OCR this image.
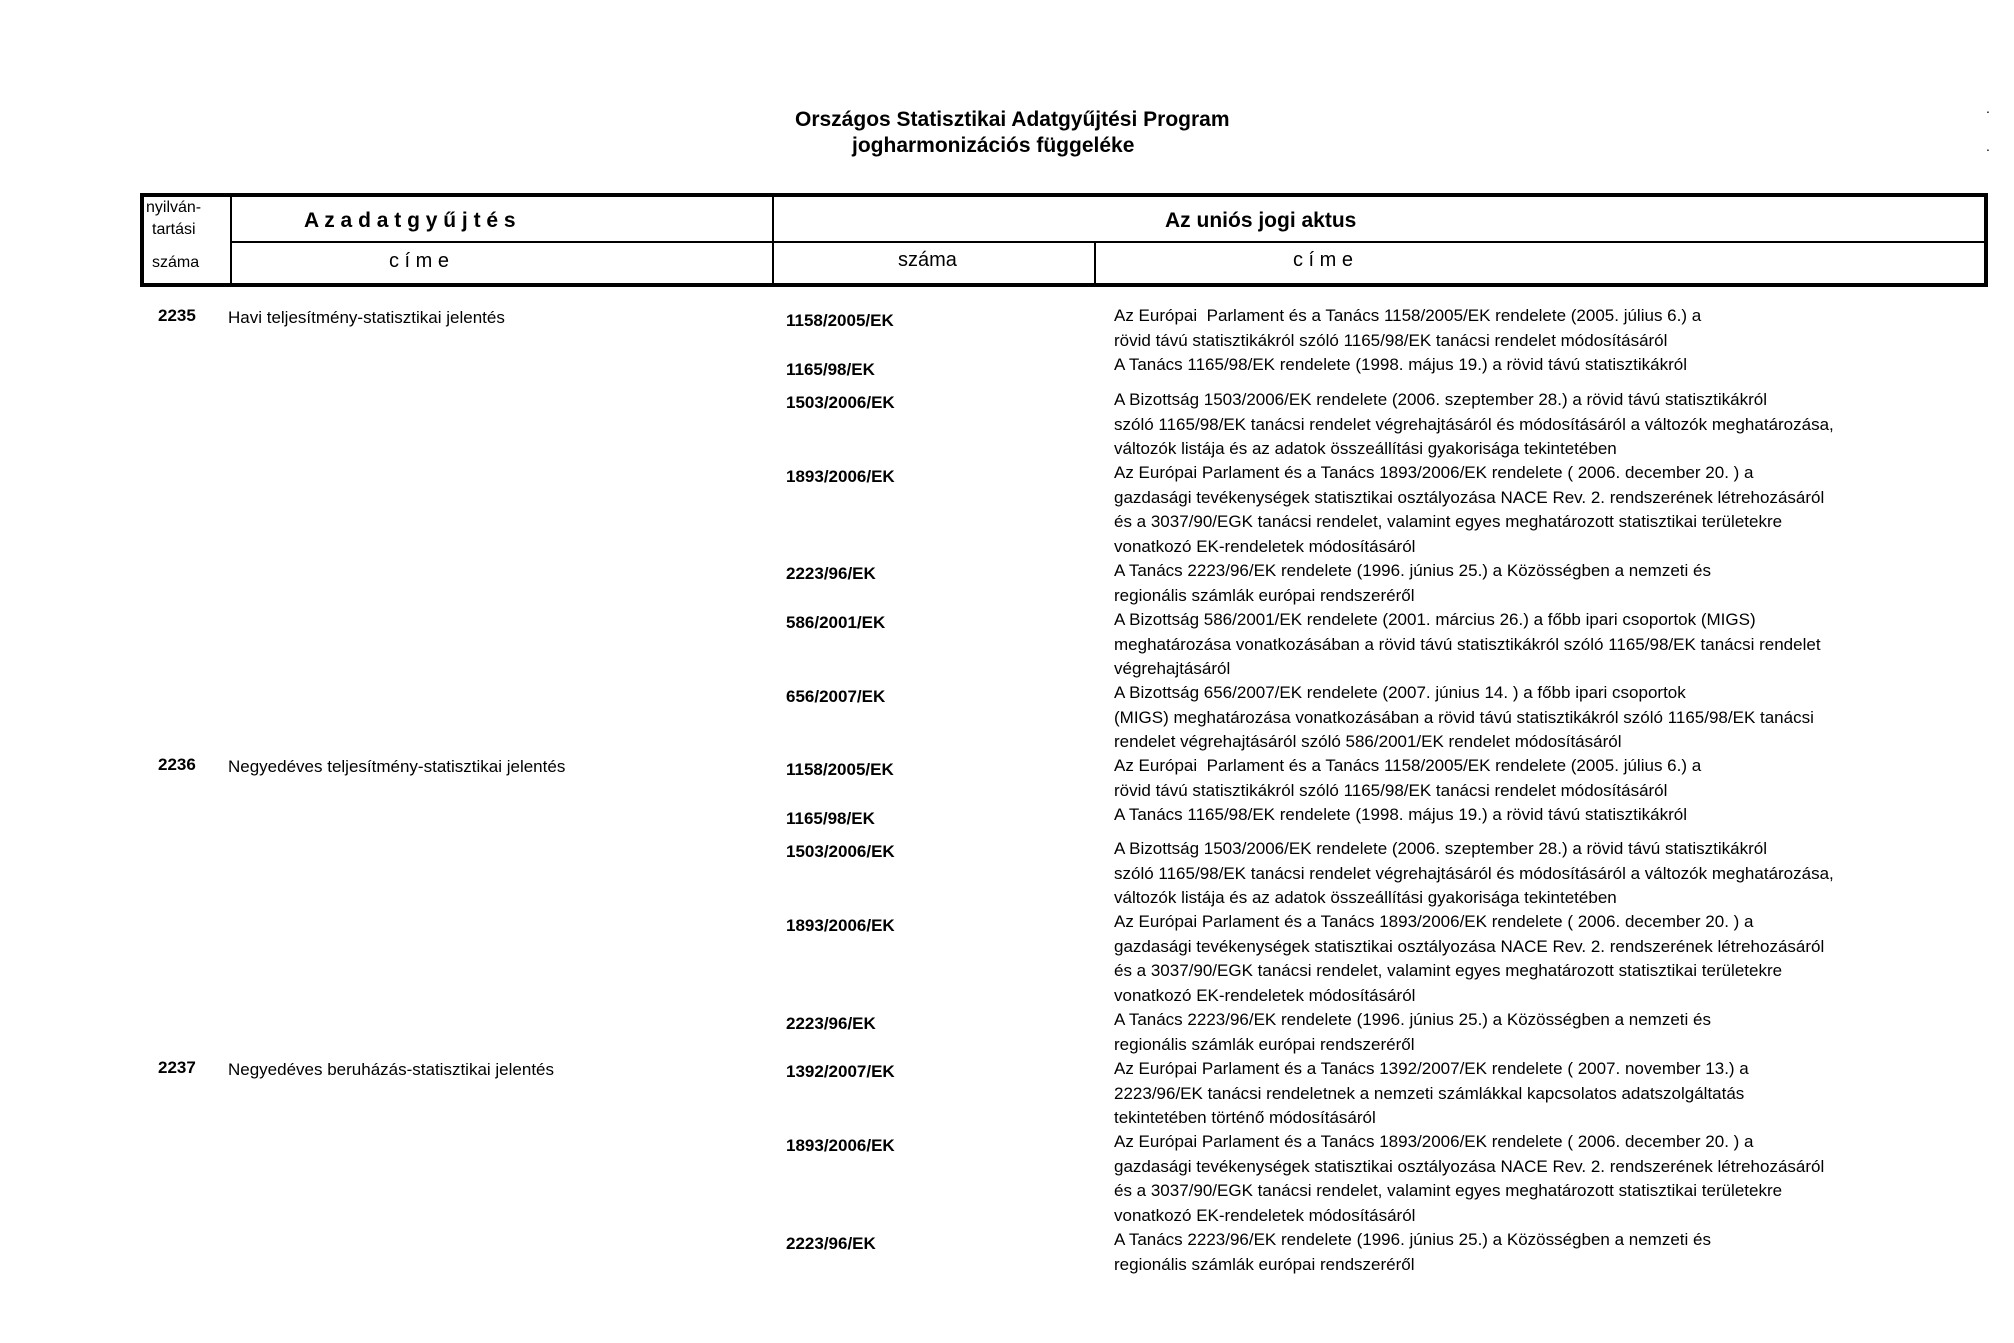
Országos Statisztikai Adatgyűjtési Program
jogharmonizációs függeléke
.
.
nyilván-
tartási
száma
A z a d a t g y ű j t é s
c í m e
Az uniós jogi aktus
száma	c í m e
2235 Havi teljesítmény-statisztikai jelentés	1158/2005/EK	Az Európai  Parlament és a Tanács 1158/2005/EK rendelete (2005. július 6.) a
rövid távú statisztikákról szóló 1165/98/EK tanácsi rendelet módosításáról
1165/98/EK	A Tanács 1165/98/EK rendelete (1998. május 19.) a rövid távú statisztikákról
1503/2006/EK	A Bizottság 1503/2006/EK rendelete (2006. szeptember 28.) a rövid távú statisztikákról
szóló 1165/98/EK tanácsi rendelet végrehajtásáról és módosításáról a változók meghatározása,
változók listája és az adatok összeállítási gyakorisága tekintetében
1893/2006/EK	Az Európai Parlament és a Tanács 1893/2006/EK rendelete ( 2006. december 20. ) a
gazdasági tevékenységek statisztikai osztályozása NACE Rev. 2. rendszerének létrehozásáról
és a 3037/90/EGK tanácsi rendelet, valamint egyes meghatározott statisztikai területekre
vonatkozó EK-rendeletek módosításáról
2223/96/EK	A Tanács 2223/96/EK rendelete (1996. június 25.) a Közösségben a nemzeti és
regionális számlák európai rendszeréről
586/2001/EK	A Bizottság 586/2001/EK rendelete (2001. március 26.) a főbb ipari csoportok (MIGS)
meghatározása vonatkozásában a rövid távú statisztikákról szóló 1165/98/EK tanácsi rendelet
végrehajtásáról
656/2007/EK	A Bizottság 656/2007/EK rendelete (2007. június 14. ) a főbb ipari csoportok
(MIGS) meghatározása vonatkozásában a rövid távú statisztikákról szóló 1165/98/EK tanácsi
rendelet végrehajtásáról szóló 586/2001/EK rendelet módosításáról
2236 Negyedéves teljesítmény-statisztikai jelentés	1158/2005/EK	Az Európai  Parlament és a Tanács 1158/2005/EK rendelete (2005. július 6.) a
rövid távú statisztikákról szóló 1165/98/EK tanácsi rendelet módosításáról
1165/98/EK	A Tanács 1165/98/EK rendelete (1998. május 19.) a rövid távú statisztikákról
1503/2006/EK	A Bizottság 1503/2006/EK rendelete (2006. szeptember 28.) a rövid távú statisztikákról
szóló 1165/98/EK tanácsi rendelet végrehajtásáról és módosításáról a változók meghatározása,
változók listája és az adatok összeállítási gyakorisága tekintetében
1893/2006/EK	Az Európai Parlament és a Tanács 1893/2006/EK rendelete ( 2006. december 20. ) a
gazdasági tevékenységek statisztikai osztályozása NACE Rev. 2. rendszerének létrehozásáról
és a 3037/90/EGK tanácsi rendelet, valamint egyes meghatározott statisztikai területekre
vonatkozó EK-rendeletek módosításáról
2223/96/EK	A Tanács 2223/96/EK rendelete (1996. június 25.) a Közösségben a nemzeti és
regionális számlák európai rendszeréről
2237 Negyedéves beruházás-statisztikai jelentés	1392/2007/EK	Az Európai Parlament és a Tanács 1392/2007/EK rendelete ( 2007. november 13.) a
2223/96/EK tanácsi rendeletnek a nemzeti számlákkal kapcsolatos adatszolgáltatás
tekintetében történő módosításáról
1893/2006/EK	Az Európai Parlament és a Tanács 1893/2006/EK rendelete ( 2006. december 20. ) a
gazdasági tevékenységek statisztikai osztályozása NACE Rev. 2. rendszerének létrehozásáról
és a 3037/90/EGK tanácsi rendelet, valamint egyes meghatározott statisztikai területekre
vonatkozó EK-rendeletek módosításáról
2223/96/EK	A Tanács 2223/96/EK rendelete (1996. június 25.) a Közösségben a nemzeti és
regionális számlák európai rendszeréről
